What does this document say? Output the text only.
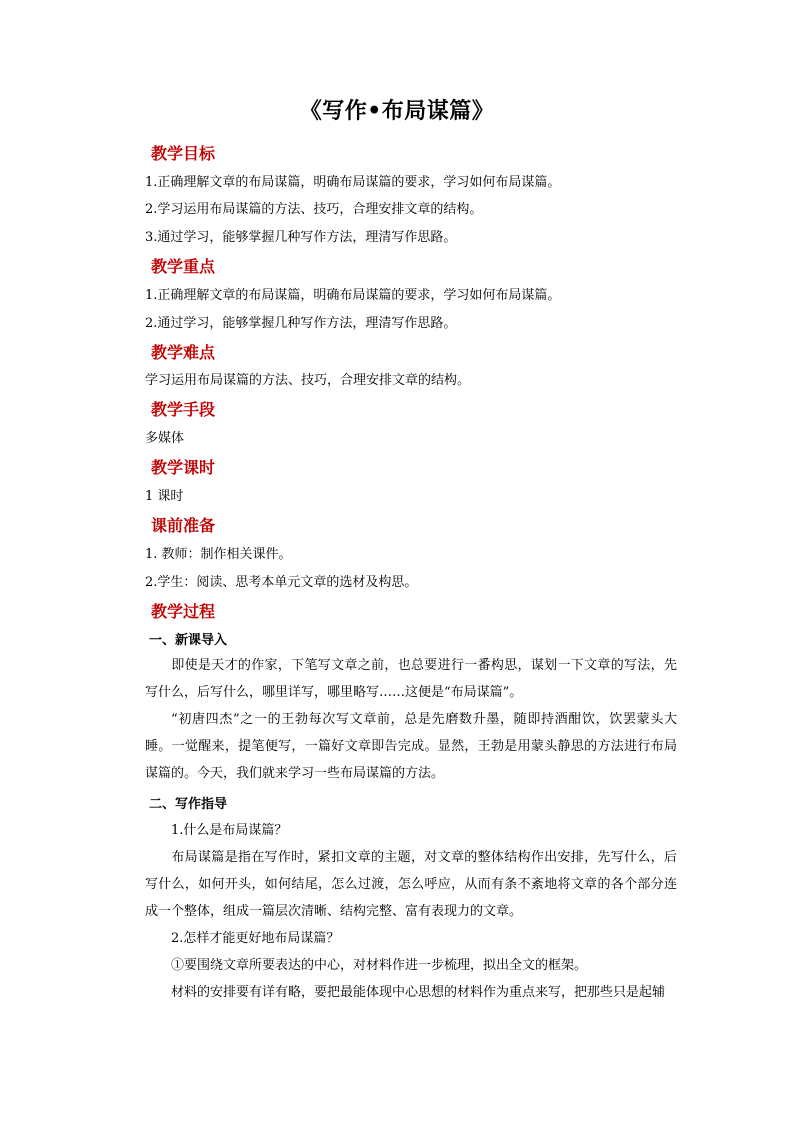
《写作•布局谋篇》
教学目标
1.正确理解文章的布局谋篇，明确布局谋篇的要求，学习如何布局谋篇。
2.学习运用布局谋篇的方法、技巧，合理安排文章的结构。
3.通过学习，能够掌握几种写作方法，理清写作思路。
教学重点
1.正确理解文章的布局谋篇，明确布局谋篇的要求，学习如何布局谋篇。
2.通过学习，能够掌握几种写作方法，理清写作思路。
教学难点
学习运用布局谋篇的方法、技巧，合理安排文章的结构。
教学手段
多媒体
教学课时
1 课时
课前准备
1. 教师：制作相关课件。
2.学生：阅读、思考本单元文章的选材及构思。
教学过程
一、新课导入
即使是天才的作家，下笔写文章之前，也总要进行一番构思，谋划一下文章的写法，先写什么，后写什么，哪里详写，哪里略写……这便是“布局谋篇”。
“初唐四杰”之一的王勃每次写文章前，总是先磨数升墨，随即持酒酣饮，饮罢蒙头大睡。一觉醒来，提笔便写，一篇好文章即告完成。显然，王勃是用蒙头静思的方法进行布局谋篇的。今天，我们就来学习一些布局谋篇的方法。
二、写作指导
1.什么是布局谋篇？
布局谋篇是指在写作时，紧扣文章的主题，对文章的整体结构作出安排，先写什么，后写什么，如何开头，如何结尾，怎么过渡，怎么呼应，从而有条不紊地将文章的各个部分连成一个整体，组成一篇层次清晰、结构完整、富有表现力的文章。
2.怎样才能更好地布局谋篇？
①要围绕文章所要表达的中心，对材料作进一步梳理，拟出全文的框架。
材料的安排要有详有略，要把最能体现中心思想的材料作为重点来写，把那些只是起辅
